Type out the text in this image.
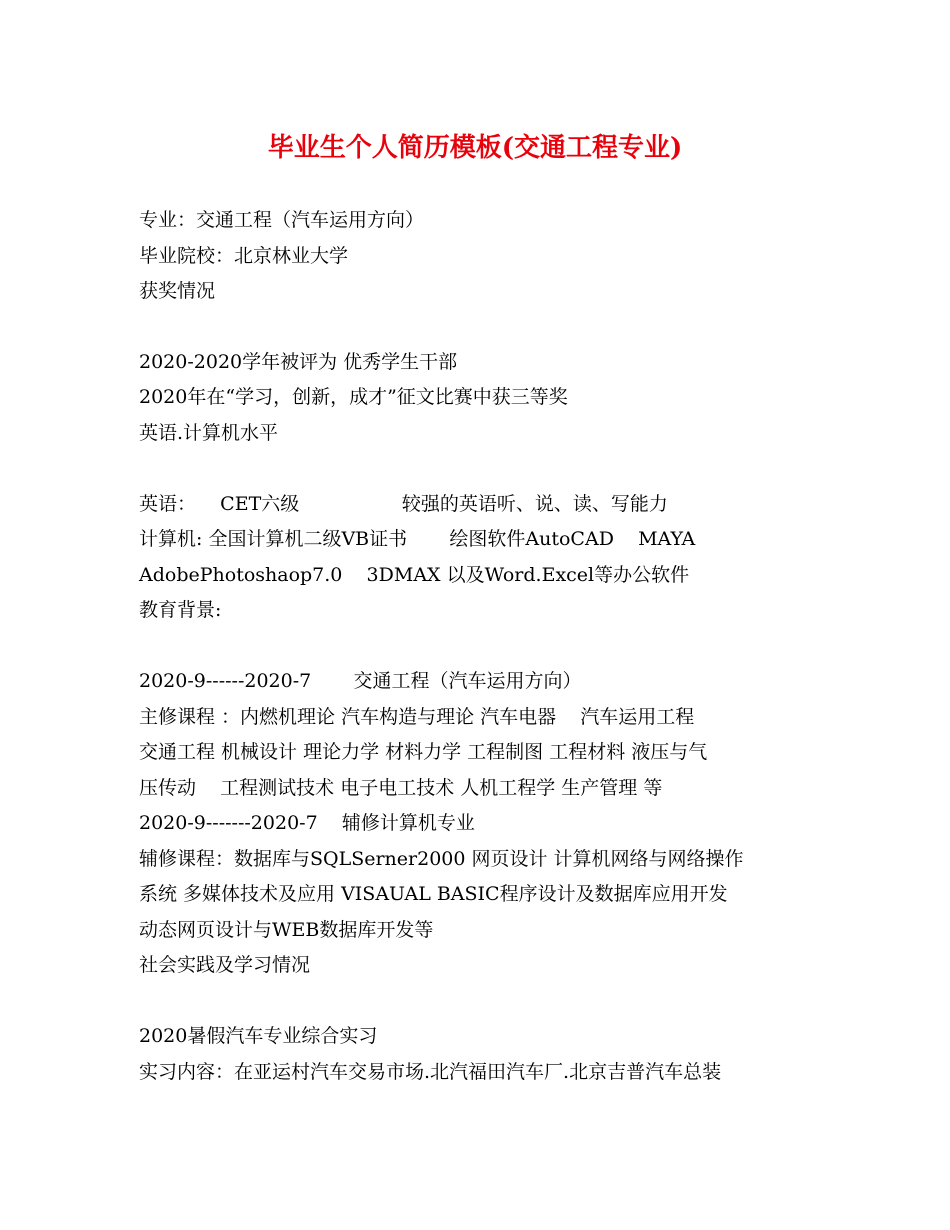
毕业生个人简历模板(交通工程专业)
专业：交通工程（汽车运用方向）
毕业院校：北京林业大学
获奖情况
2020-2020学年被评为 优秀学生干部
2020年在“学习，创新，成才”征文比赛中获三等奖
英语.计算机水平
英语：    CET六级                 较强的英语听、说、读、写能力
计算机: 全国计算机二级VB证书       绘图软件AutoCAD    MAYA
AdobePhotoshaop7.0    3DMAX 以及Word.Excel等办公软件
教育背景:
2020-9------2020-7       交通工程（汽车运用方向）
主修课程 ：内燃机理论 汽车构造与理论 汽车电器    汽车运用工程
交通工程 机械设计 理论力学 材料力学 工程制图 工程材料 液压与气
压传动    工程测试技术 电子电工技术 人机工程学 生产管理 等
2020-9-------2020-7    辅修计算机专业
辅修课程：数据库与SQLSerner2000 网页设计 计算机网络与网络操作
系统 多媒体技术及应用 VISAUAL BASIC程序设计及数据库应用开发
动态网页设计与WEB数据库开发等
社会实践及学习情况
2020暑假汽车专业综合实习
实习内容：在亚运村汽车交易市场.北汽福田汽车厂.北京吉普汽车总装
